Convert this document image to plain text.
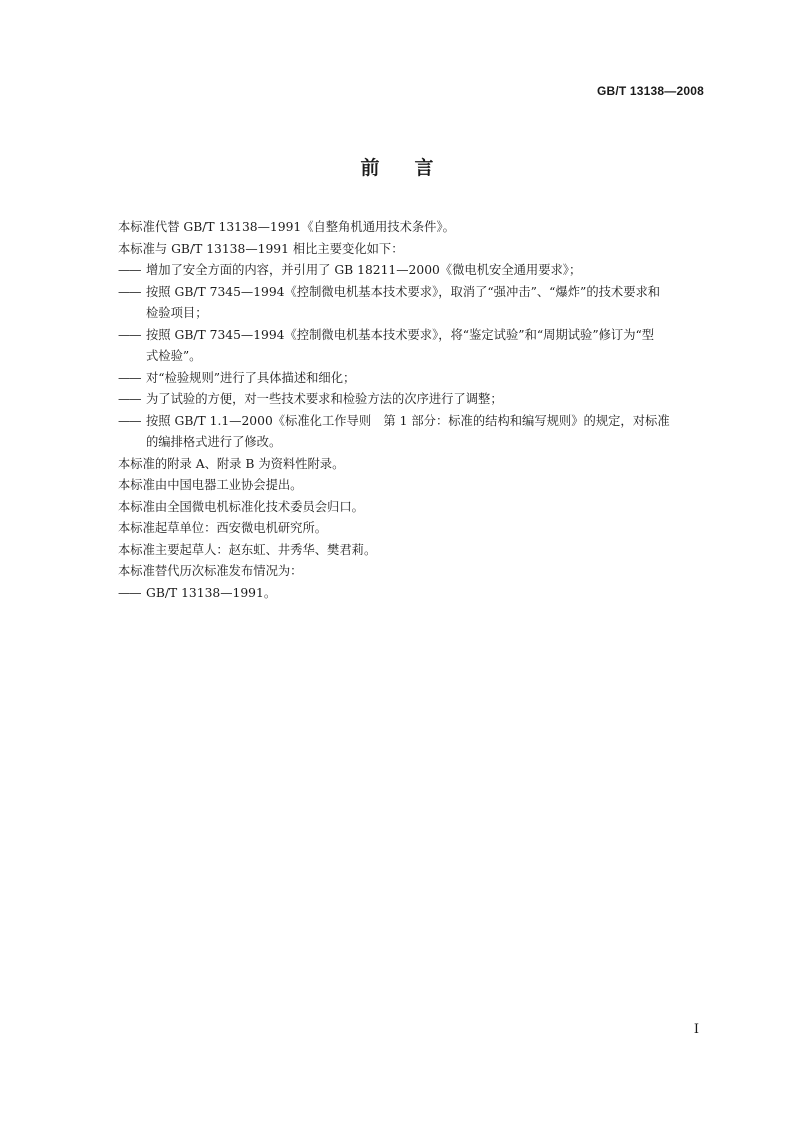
GB/T 13138—2008
前言
本标准代替 GB/T 13138—1991《自整角机通用技术条件》。
本标准与 GB/T 13138—1991 相比主要变化如下：
—— 增加了安全方面的内容，并引用了 GB 18211—2000《微电机安全通用要求》；
—— 按照 GB/T 7345—1994《控制微电机基本技术要求》，取消了“强冲击”、“爆炸”的技术要求和
检验项目；
—— 按照 GB/T 7345—1994《控制微电机基本技术要求》，将“鉴定试验”和“周期试验”修订为“型
式检验”。
—— 对“检验规则”进行了具体描述和细化；
—— 为了试验的方便，对一些技术要求和检验方法的次序进行了调整；
—— 按照 GB/T 1.1—2000《标准化工作导则　第 1 部分：标准的结构和编写规则》的规定，对标准
的编排格式进行了修改。
本标准的附录 A、附录 B 为资料性附录。
本标准由中国电器工业协会提出。
本标准由全国微电机标准化技术委员会归口。
本标准起草单位：西安微电机研究所。
本标准主要起草人：赵东虹、井秀华、樊君莉。
本标准替代历次标准发布情况为：
—— GB/T 13138—1991。
I
